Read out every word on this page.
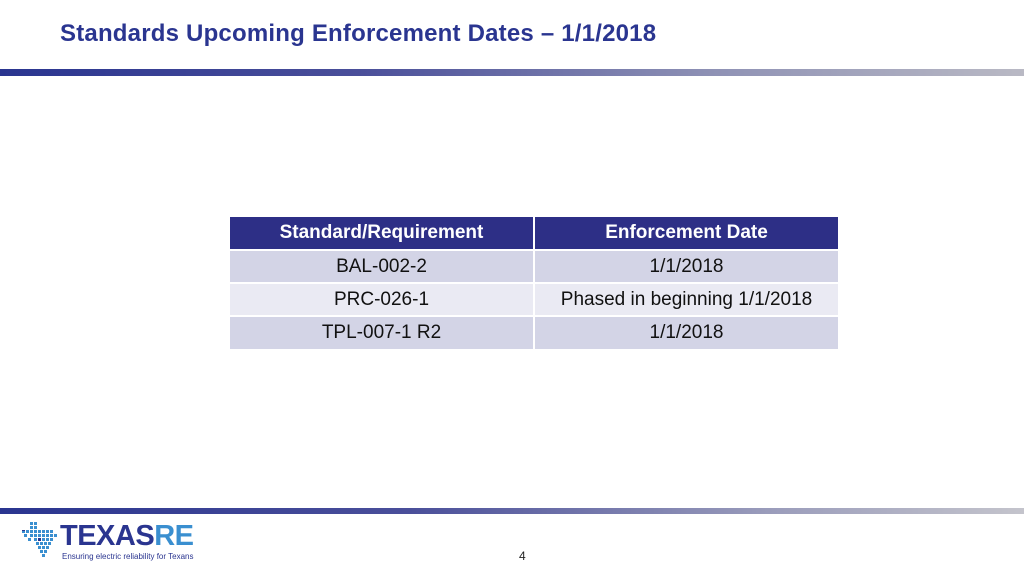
Standards Upcoming Enforcement Dates – 1/1/2018
Standard/Requirement	Enforcement Date
BAL-002-2	1/1/2018
PRC-026-1	Phased in beginning 1/1/2018
TPL-007-1 R2	1/1/2018
TEXASRE
Ensuring electric reliability for Texans	4
